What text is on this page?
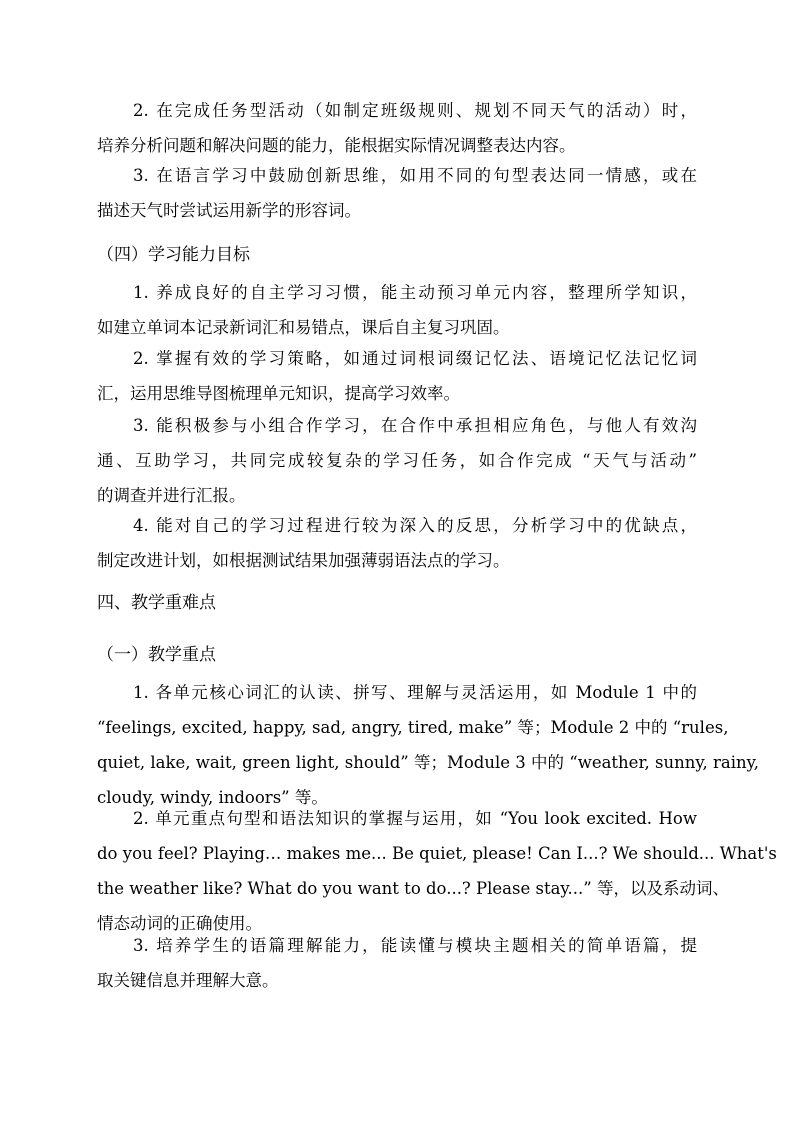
2. 在完成任务型活动（如制定班级规则、规划不同天气的活动）时，
培养分析问题和解决问题的能力，能根据实际情况调整表达内容。
3. 在语言学习中鼓励创新思维，如用不同的句型表达同一情感，或在
描述天气时尝试运用新学的形容词。
（四）学习能力目标
1. 养成良好的自主学习习惯，能主动预习单元内容，整理所学知识，
如建立单词本记录新词汇和易错点，课后自主复习巩固。
2. 掌握有效的学习策略，如通过词根词缀记忆法、语境记忆法记忆词
汇，运用思维导图梳理单元知识，提高学习效率。
3. 能积极参与小组合作学习，在合作中承担相应角色，与他人有效沟
通、互助学习，共同完成较复杂的学习任务，如合作完成 “天气与活动”
的调查并进行汇报。
4. 能对自己的学习过程进行较为深入的反思，分析学习中的优缺点，
制定改进计划，如根据测试结果加强薄弱语法点的学习。
四、教学重难点
（一）教学重点
1. 各单元核心词汇的认读、拼写、理解与灵活运用，如 Module 1 中的
“feelings, excited, happy, sad, angry, tired, make” 等；Module 2 中的 “rules,
quiet, lake, wait, green light, should” 等；Module 3 中的 “weather, sunny, rainy,
cloudy, windy, indoors” 等。
2. 单元重点句型和语法知识的掌握与运用，如 “You look excited. How
do you feel? Playing… makes me... Be quiet, please! Can I...? We should... What's
the weather like? What do you want to do...? Please stay...” 等，以及系动词、
情态动词的正确使用。
3. 培养学生的语篇理解能力，能读懂与模块主题相关的简单语篇，提
取关键信息并理解大意。
